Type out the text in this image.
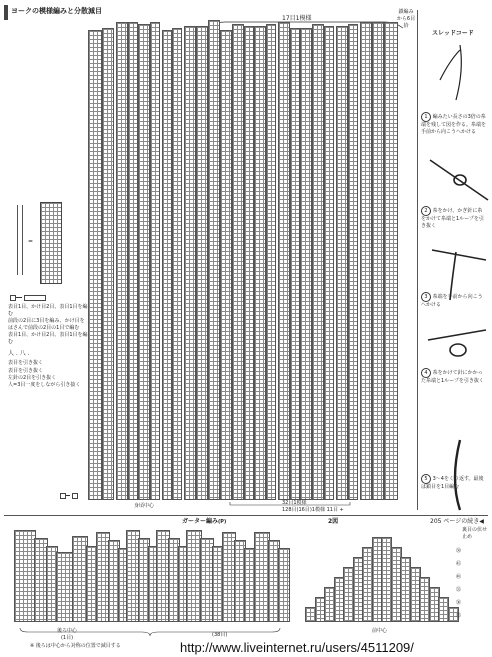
ヨークの模様編みと分散減目
17目1模様
鎖編み
から6目拾
=
表目1目、かけ目2目、表目1目を編む
前段の2目に3目を編み、かけ目をはさんで前段の2目の1目で編む
表目1目、かけ目2目、表目1目を編む
人 . 八 .
表目を引き抜く
表目を引き抜く
左針の2目を引き抜く
人=3目一度をしながら引き抜く
身頃中心	32目1模様
128目(16目)1模様 11目 +
スレッドコード
1 編みたい長さの3倍の糸端を残して図を作る。糸端を手前から向こうへかける
2 糸をかけ、かぎ針に糸をかけて糸端と1ループを引き抜く
3 糸端を手前から向こうへかける
4 糸をかけて針にかかった糸端と1ループを引き抜く
5 3〜4をくり返す。最後は鎖目を1目編む
ガーター編み(P)	2図	205 ページの続き◀
裏目の伏せ止め
㊿
㊺
㊵
㉟
㉚
㉕
後ろ中心
(1目)
前中心
(38目)
※ 後ろは中心から対称の位置で減目する	http://www.liveinternet.ru/users/4511209/
